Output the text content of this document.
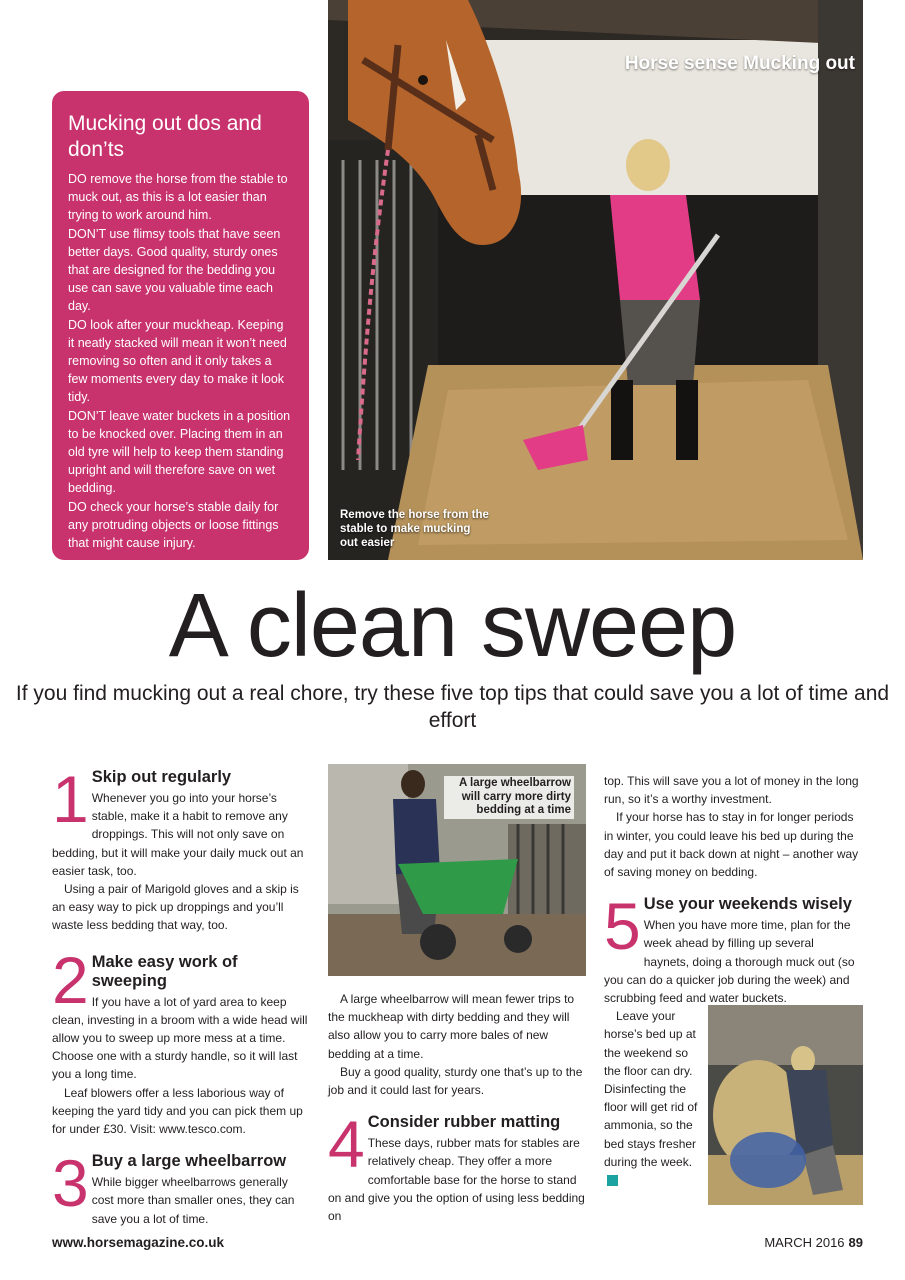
Horse sense Mucking out
Remove the horse from the stable to make mucking out easier
Mucking out dos and don’ts

DO remove the horse from the stable to muck out, as this is a lot easier than trying to work around him.

DON’T use flimsy tools that have seen better days. Good quality, sturdy ones that are designed for the bedding you use can save you valuable time each day.

DO look after your muckheap. Keeping it neatly stacked will mean it won’t need removing so often and it only takes a few moments every day to make it look tidy.

DON’T leave water buckets in a position to be knocked over. Placing them in an old tyre will help to keep them standing upright and will therefore save on wet bedding.

DO check your horse’s stable daily for any protruding objects or loose fittings that might cause injury.

A clean sweep
If you find mucking out a real chore, try these five top tips that could save you a lot of time and effort
1 Skip out regularly

Whenever you go into your horse’s stable, make it a habit to remove any droppings. This will not only save on bedding, but it will make your daily muck out an easier task, too.

Using a pair of Marigold gloves and a skip is an easy way to pick up droppings and you’ll waste less bedding that way, too.

2 Make easy work of sweeping

If you have a lot of yard area to keep clean, investing in a broom with a wide head will allow you to sweep up more mess at a time. Choose one with a sturdy handle, so it will last you a long time.

Leaf blowers offer a less laborious way of keeping the yard tidy and you can pick them up for under £30. Visit: www.tesco.com.

3 Buy a large wheelbarrow

While bigger wheelbarrows generally cost more than smaller ones, they can save you a lot of time.

A large wheelbarrow will carry more dirty bedding at a time

A large wheelbarrow will mean fewer trips to the muckheap with dirty bedding and they will also allow you to carry more bales of new bedding at a time.

Buy a good quality, sturdy one that’s up to the job and it could last for years.

4 Consider rubber matting

These days, rubber mats for stables are relatively cheap. They offer a more comfortable base for the horse to stand on and give you the option of using less bedding on

top. This will save you a lot of money in the long run, so it’s a worthy investment.

If your horse has to stay in for longer periods in winter, you could leave his bed up during the day and put it back down at night – another way of saving money on bedding.

5 Use your weekends wisely

When you have more time, plan for the week ahead by filling up several haynets, doing a thorough muck out (so you can do a quicker job during the week) and scrubbing feed and water buckets.

Leave your horse’s bed up at the weekend so the floor can dry. Disinfecting the floor will get rid of ammonia, so the bed stays fresher during the week.

www.horsemagazine.co.uk	MARCH 2016 89
